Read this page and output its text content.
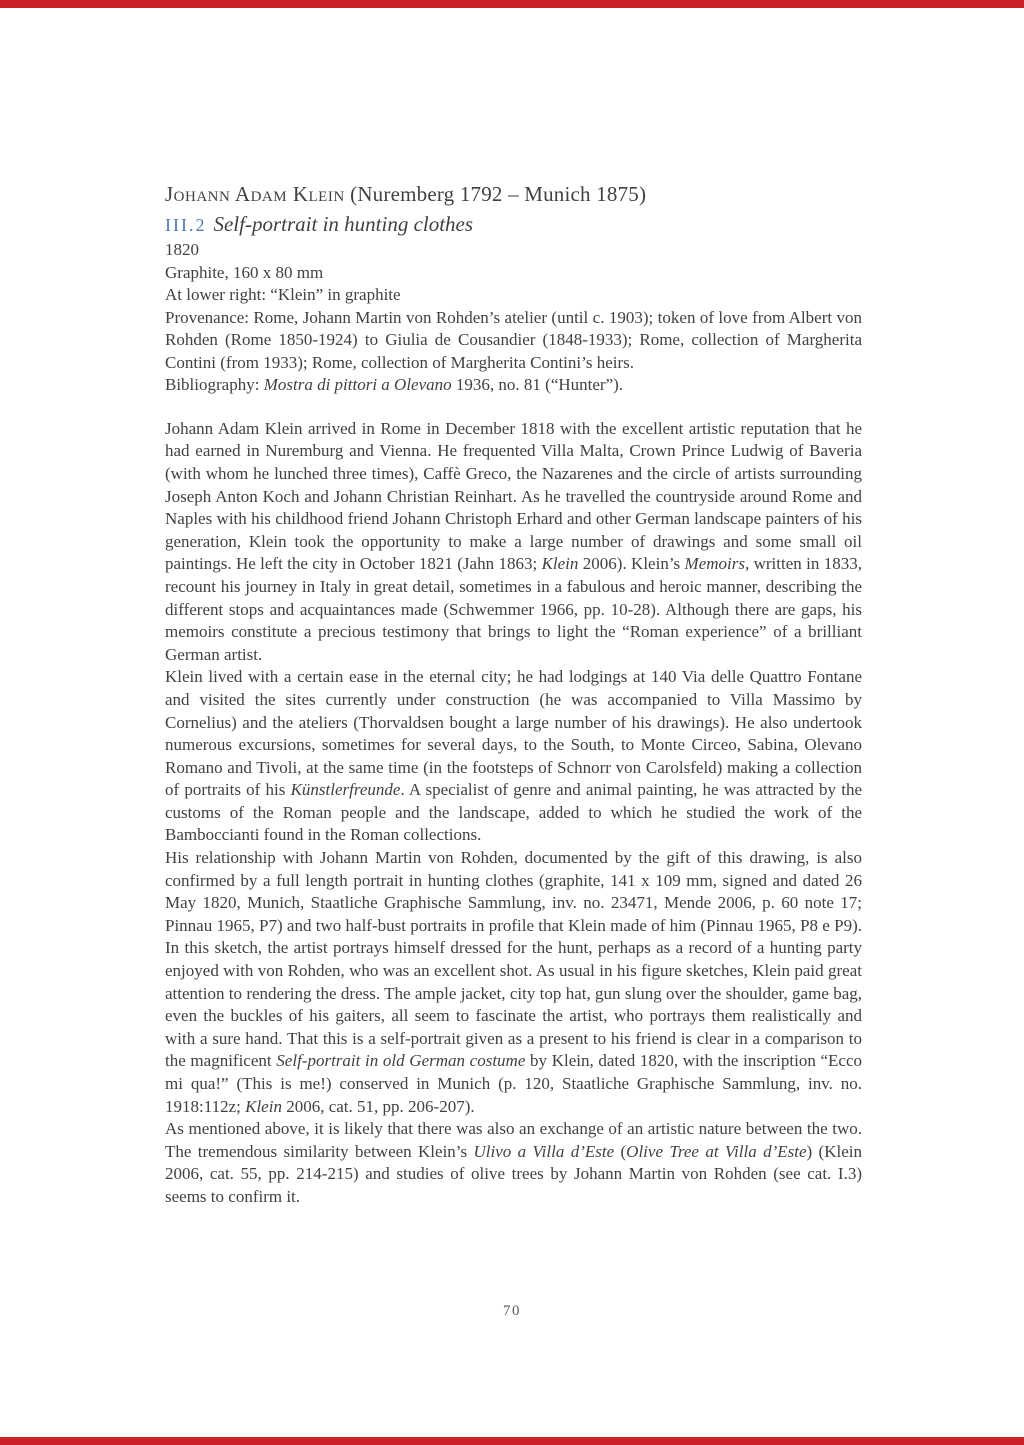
Johann Adam Klein (Nuremberg 1792 – Munich 1875)
III.2 Self-portrait in hunting clothes
1820
Graphite, 160 x 80 mm
At lower right: “Klein” in graphite
Provenance: Rome, Johann Martin von Rohden’s atelier (until c. 1903); token of love from Albert von Rohden (Rome 1850-1924) to Giulia de Cousandier (1848-1933); Rome, collection of Margherita Contini (from 1933); Rome, collection of Margherita Contini’s heirs.
Bibliography: Mostra di pittori a Olevano 1936, no. 81 (“Hunter”).

Johann Adam Klein arrived in Rome in December 1818 with the excellent artistic reputation that he had earned in Nuremburg and Vienna. He frequented Villa Malta, Crown Prince Ludwig of Baveria (with whom he lunched three times), Caffè Greco, the Nazarenes and the circle of artists surrounding Joseph Anton Koch and Johann Christian Reinhart. As he travelled the countryside around Rome and Naples with his childhood friend Johann Christoph Erhard and other German landscape painters of his generation, Klein took the opportunity to make a large number of drawings and some small oil paintings. He left the city in October 1821 (Jahn 1863; Klein 2006). Klein’s Memoirs, written in 1833, recount his journey in Italy in great detail, sometimes in a fabulous and heroic manner, describing the different stops and acquaintances made (Schwemmer 1966, pp. 10-28). Although there are gaps, his memoirs constitute a precious testimony that brings to light the “Roman experience” of a brilliant German artist.

Klein lived with a certain ease in the eternal city; he had lodgings at 140 Via delle Quattro Fontane and visited the sites currently under construction (he was accompanied to Villa Massimo by Cornelius) and the ateliers (Thorvaldsen bought a large number of his drawings). He also undertook numerous excursions, sometimes for several days, to the South, to Monte Circeo, Sabina, Olevano Romano and Tivoli, at the same time (in the footsteps of Schnorr von Carolsfeld) making a collection of portraits of his Künstlerfreunde. A specialist of genre and animal painting, he was attracted by the customs of the Roman people and the landscape, added to which he studied the work of the Bamboccianti found in the Roman collections.

His relationship with Johann Martin von Rohden, documented by the gift of this drawing, is also confirmed by a full length portrait in hunting clothes (graphite, 141 x 109 mm, signed and dated 26 May 1820, Munich, Staatliche Graphische Sammlung, inv. no. 23471, Mende 2006, p. 60 note 17; Pinnau 1965, P7) and two half-bust portraits in profile that Klein made of him (Pinnau 1965, P8 e P9). In this sketch, the artist portrays himself dressed for the hunt, perhaps as a record of a hunting party enjoyed with von Rohden, who was an excellent shot. As usual in his figure sketches, Klein paid great attention to rendering the dress. The ample jacket, city top hat, gun slung over the shoulder, game bag, even the buckles of his gaiters, all seem to fascinate the artist, who portrays them realistically and with a sure hand. That this is a self-portrait given as a present to his friend is clear in a comparison to the magnificent Self-portrait in old German costume by Klein, dated 1820, with the inscription “Ecco mi qua!” (This is me!) conserved in Munich (p. 120, Staatliche Graphische Sammlung, inv. no. 1918:112z; Klein 2006, cat. 51, pp. 206-207).

As mentioned above, it is likely that there was also an exchange of an artistic nature between the two. The tremendous similarity between Klein’s Ulivo a Villa d’Este (Olive Tree at Villa d’Este) (Klein 2006, cat. 55, pp. 214-215) and studies of olive trees by Johann Martin von Rohden (see cat. I.3) seems to confirm it.

70
